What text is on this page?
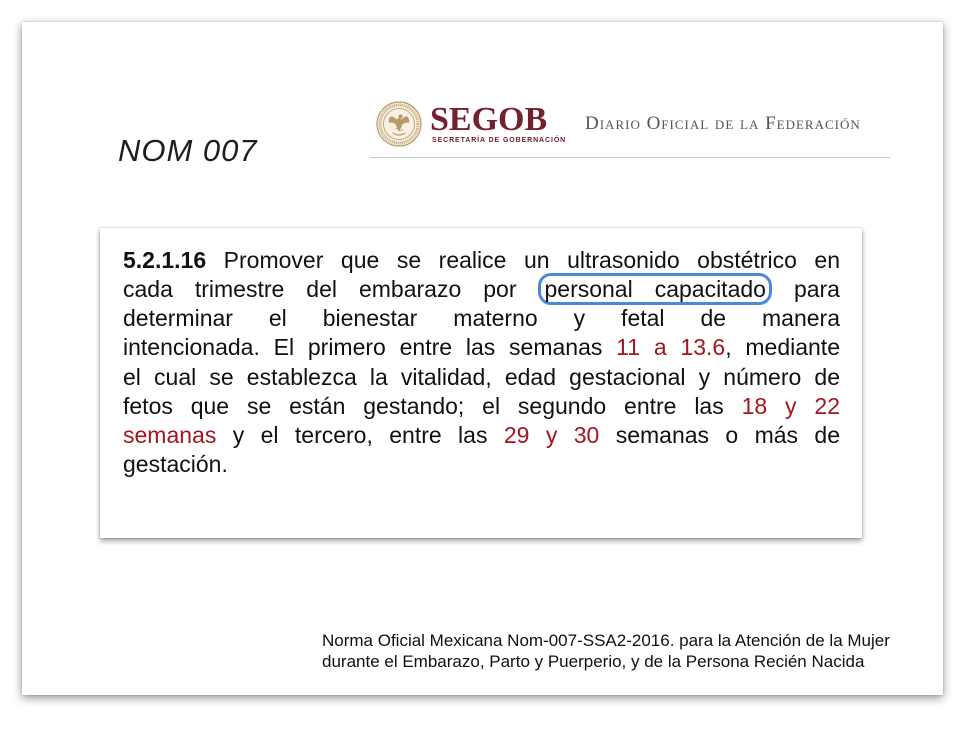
NOM 007
SEGOB
SECRETARÍA DE GOBERNACIÓN
Diario Oficial de la Federación
5.2.1.16 Promover que se realice un ultrasonido obstétrico en
cada trimestre del embarazo por personal capacitado para
determinar el bienestar materno y fetal de manera
intencionada. El primero entre las semanas 11 a 13.6, mediante
el cual se establezca la vitalidad, edad gestacional y número de
fetos que se están gestando; el segundo entre las 18 y 22
semanas y el tercero, entre las 29 y 30 semanas o más de
gestación.
Norma Oficial Mexicana Nom-007-SSA2-2016. para la Atención de la Mujer
durante el Embarazo, Parto y Puerperio, y de la Persona Recién Nacida
